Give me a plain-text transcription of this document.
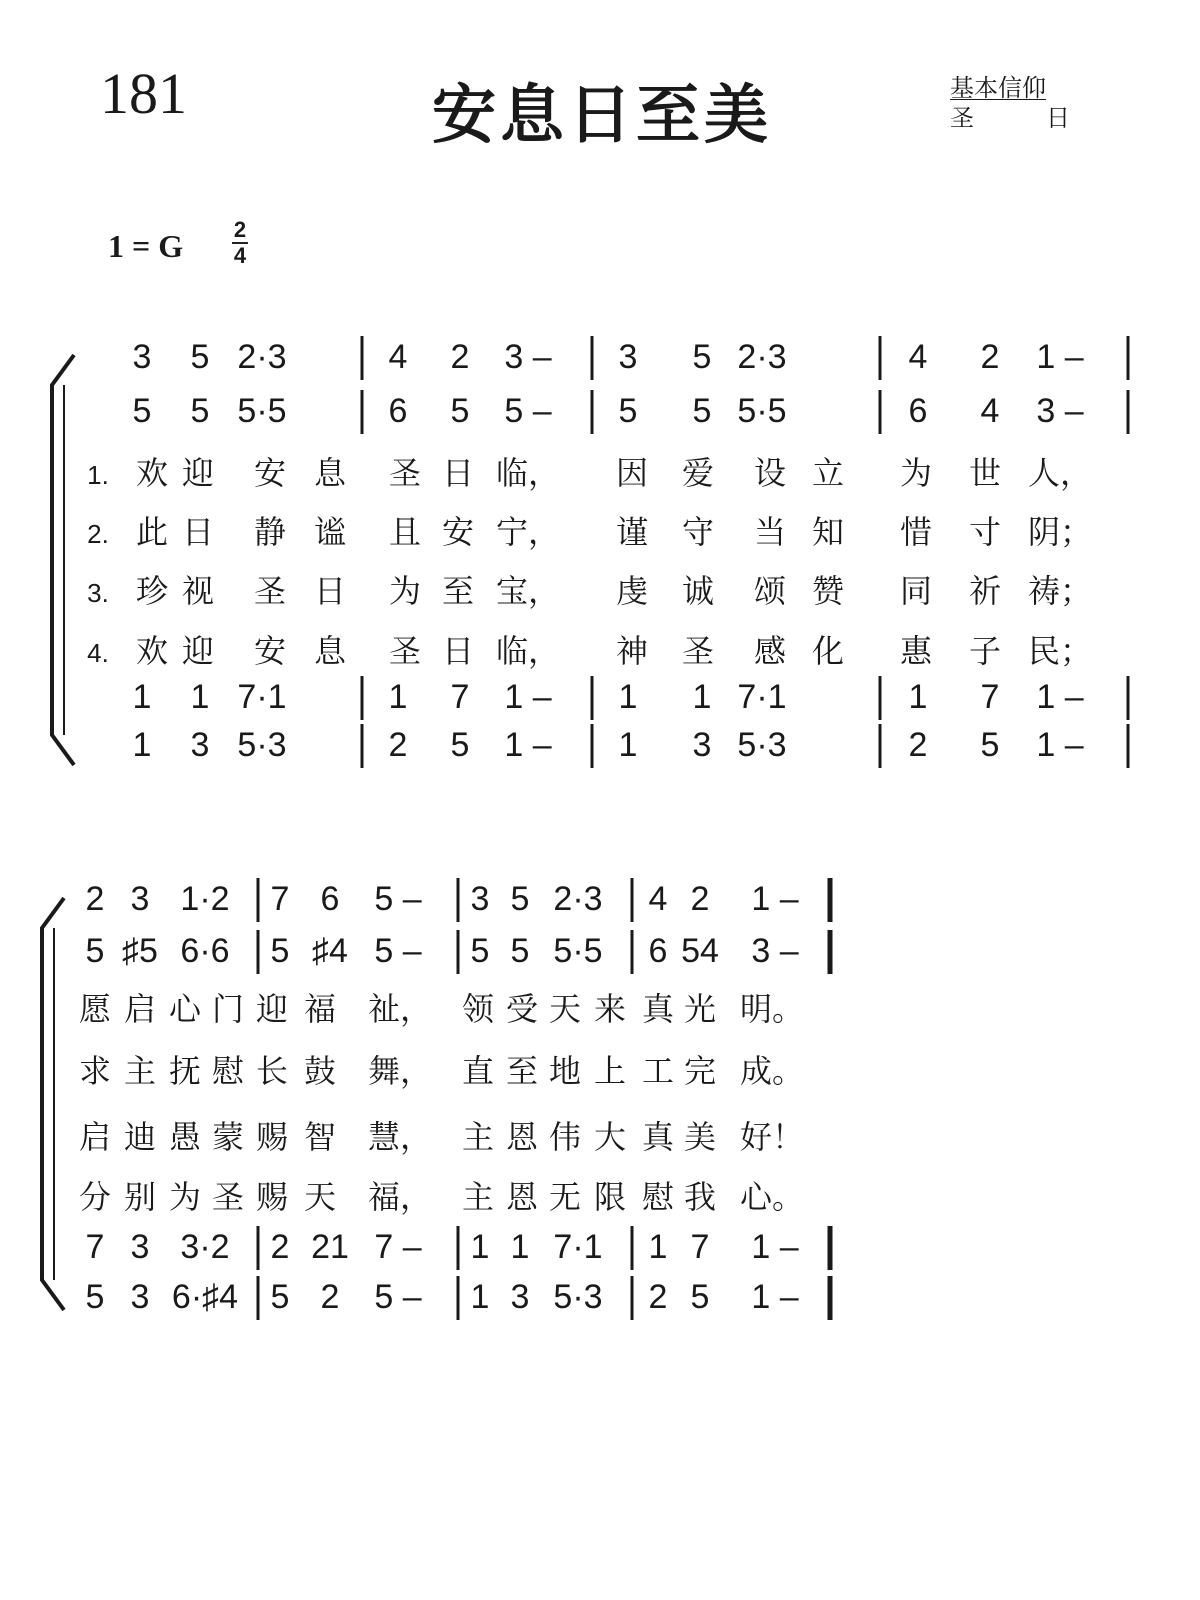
181	安息日至美	基本信仰
圣	日
1 = G 2
4
3 5 2·3	4 2 3 – 3 5 2·3	4 2 1 –
5 5 5·5	6 5 5 – 5 5 5·5	6 4 3 –
1. 欢 迎 安 息 圣 日 临， 因 爱 设 立 为 世 人，
2. 此 日 静 谧 且 安 宁， 谨 守 当 知 惜 寸 阴；
3. 珍 视 圣 日 为 至 宝， 虔 诚 颂 赞 同 祈 祷；
4. 欢 迎 安 息 圣 日 临， 神 圣 感 化 惠 子 民；
1 1 7·1	1 7 1 – 1 1 7·1	1 7 1 –
1 3 5·3	2 5 1 – 1 3 5·3	2 5 1 –
2 3 1·2 7 6 5 – 3 5 2·3 4 2 1 –
5 ♯5 6·6 5 ♯4 5 – 5 5 5·5 6 54 3 –
愿 启 心 门 迎 福 祉， 领 受 天 来 真 光 明。
求 主 抚 慰 长 鼓 舞， 直 至 地 上 工 完 成。
启 迪 愚 蒙 赐 智 慧， 主 恩 伟 大 真 美 好！
分 别 为 圣 赐 天 福， 主 恩 无 限 慰 我 心。
7 3 3·2 2 21 7 – 1 1 7·1 1 7 1 –
5 3 6·♯4 5 2 5 – 1 3 5·3 2 5 1 –
